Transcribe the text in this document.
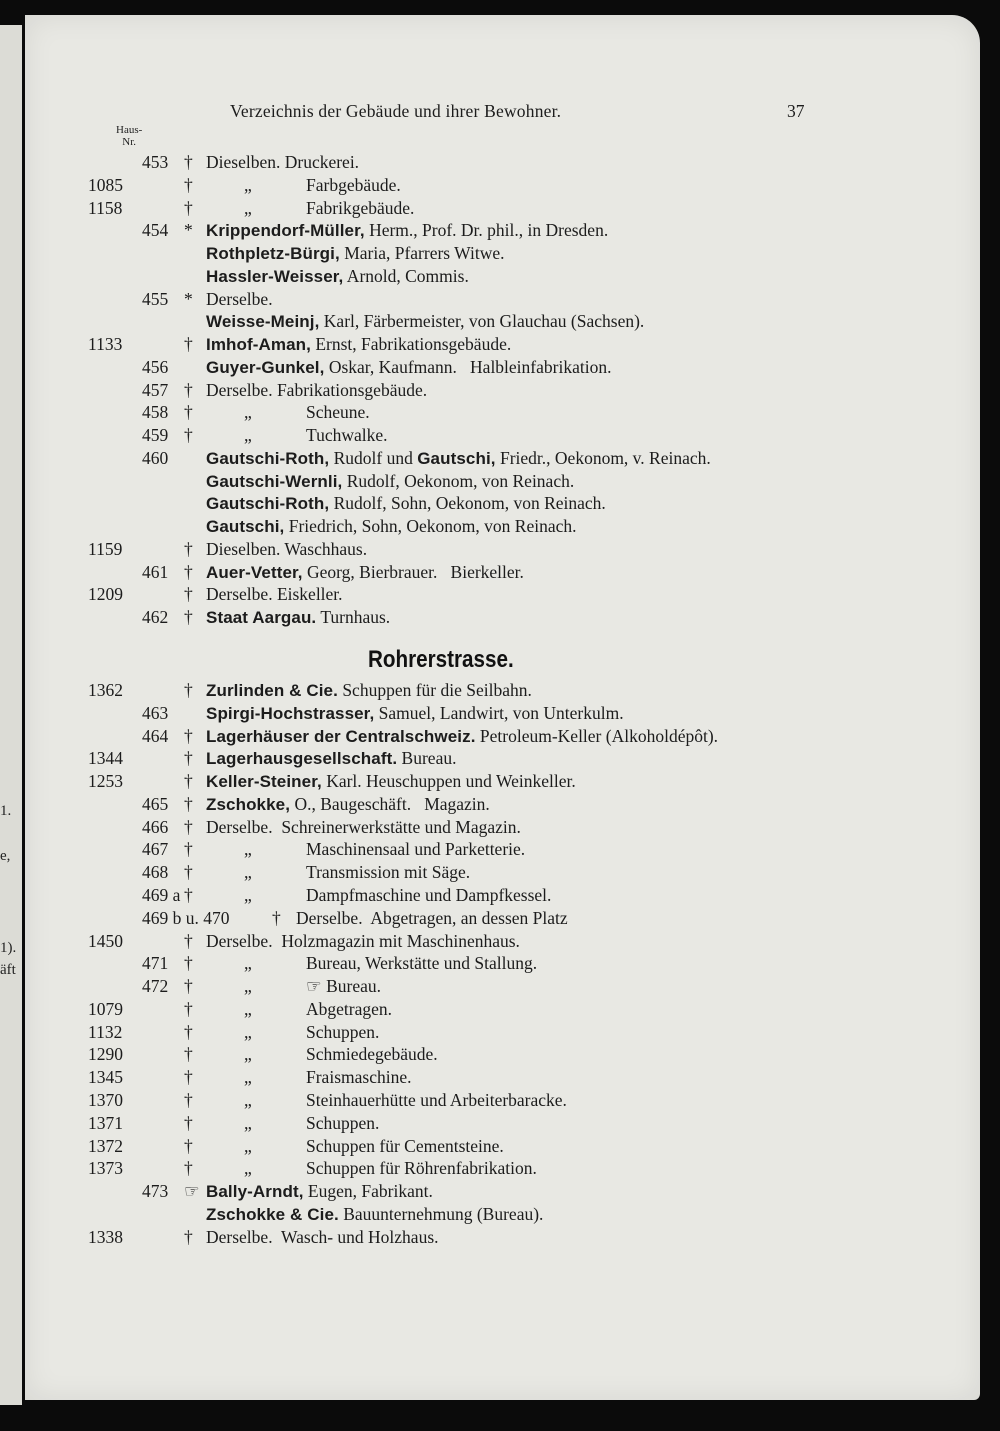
1.
e,
1).
äft
Verzeichnis der Gebäude und ihrer Bewohner.	37
Haus-
Nr.
453 † Dieselben. Druckerei.
1085	†	„	Farbgebäude.
1158	†	„	Fabrikgebäude.
454 * Krippendorf-Müller, Herm., Prof. Dr. phil., in Dresden.
Rothpletz-Bürgi, Maria, Pfarrers Witwe.
Hassler-Weisser, Arnold, Commis.
455 * Derselbe.
Weisse-Meinj, Karl, Färbermeister, von Glauchau (Sachsen).
1133	† Imhof-Aman, Ernst, Fabrikationsgebäude.
456 Guyer-Gunkel, Oskar, Kaufmann.   Halbleinfabrikation.
457 † Derselbe. Fabrikationsgebäude.
458 †	„	Scheune.
459 †	„	Tuchwalke.
460 Gautschi-Roth, Rudolf und Gautschi, Friedr., Oekonom, v. Reinach.
Gautschi-Wernli, Rudolf, Oekonom, von Reinach.
Gautschi-Roth, Rudolf, Sohn, Oekonom, von Reinach.
Gautschi, Friedrich, Sohn, Oekonom, von Reinach.
1159	† Dieselben. Waschhaus.
461 † Auer-Vetter, Georg, Bierbrauer.   Bierkeller.
1209	† Derselbe. Eiskeller.
462 † Staat Aargau. Turnhaus.
Rohrerstrasse.
1362	† Zurlinden & Cie. Schuppen für die Seilbahn.
463 Spirgi-Hochstrasser, Samuel, Landwirt, von Unterkulm.
464 † Lagerhäuser der Centralschweiz. Petroleum-Keller (Alkoholdépôt).
1344	† Lagerhausgesellschaft. Bureau.
1253	† Keller-Steiner, Karl. Heuschuppen und Weinkeller.
465 † Zschokke, O., Baugeschäft.   Magazin.
466 † Derselbe.  Schreinerwerkstätte und Magazin.
467 †	„	Maschinensaal und Parketterie.
468 †	„	Transmission mit Säge.
469 a †	„	Dampfmaschine und Dampfkessel.
469 b u. 470 † Derselbe.  Abgetragen, an dessen Platz
1450	† Derselbe.  Holzmagazin mit Maschinenhaus.
471 †	„	Bureau, Werkstätte und Stallung.
472 †	„	☞ Bureau.
1079	†	„	Abgetragen.
1132	†	„	Schuppen.
1290	†	„	Schmiedegebäude.
1345	†	„	Fraismaschine.
1370	†	„	Steinhauerhütte und Arbeiterbaracke.
1371	†	„	Schuppen.
1372	†	„	Schuppen für Cementsteine.
1373	†	„	Schuppen für Röhrenfabrikation.
473 ☞ Bally-Arndt, Eugen, Fabrikant.
Zschokke & Cie. Bauunternehmung (Bureau).
1338	† Derselbe.  Wasch- und Holzhaus.
